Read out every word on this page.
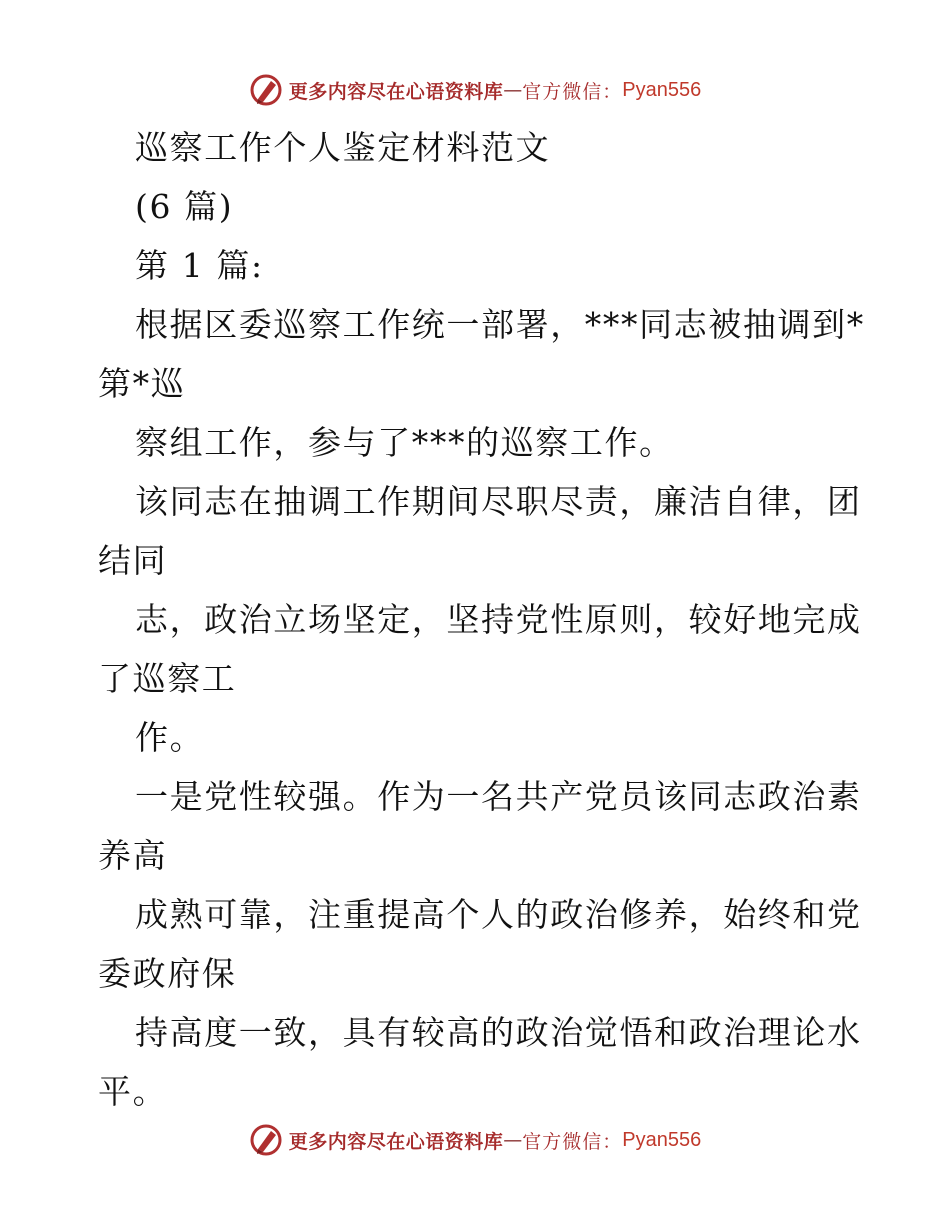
更多内容尽在心语资料库 — 官方微信： Pyan556
巡察工作个人鉴定材料范文
(6 篇)
第 1 篇:
根据区委巡察工作统一部署，***同志被抽调到*
第*巡
察组工作，参与了***的巡察工作。
该同志在抽调工作期间尽职尽责，廉洁自律，团
结同
志，政治立场坚定，坚持党性原则，较好地完成
了巡察工
作。
一是党性较强。作为一名共产党员该同志政治素
养高
成熟可靠，注重提高个人的政治修养，始终和党
委政府保
持高度一致，具有较高的政治觉悟和政治理论水
平。
更多内容尽在心语资料库 — 官方微信： Pyan556
